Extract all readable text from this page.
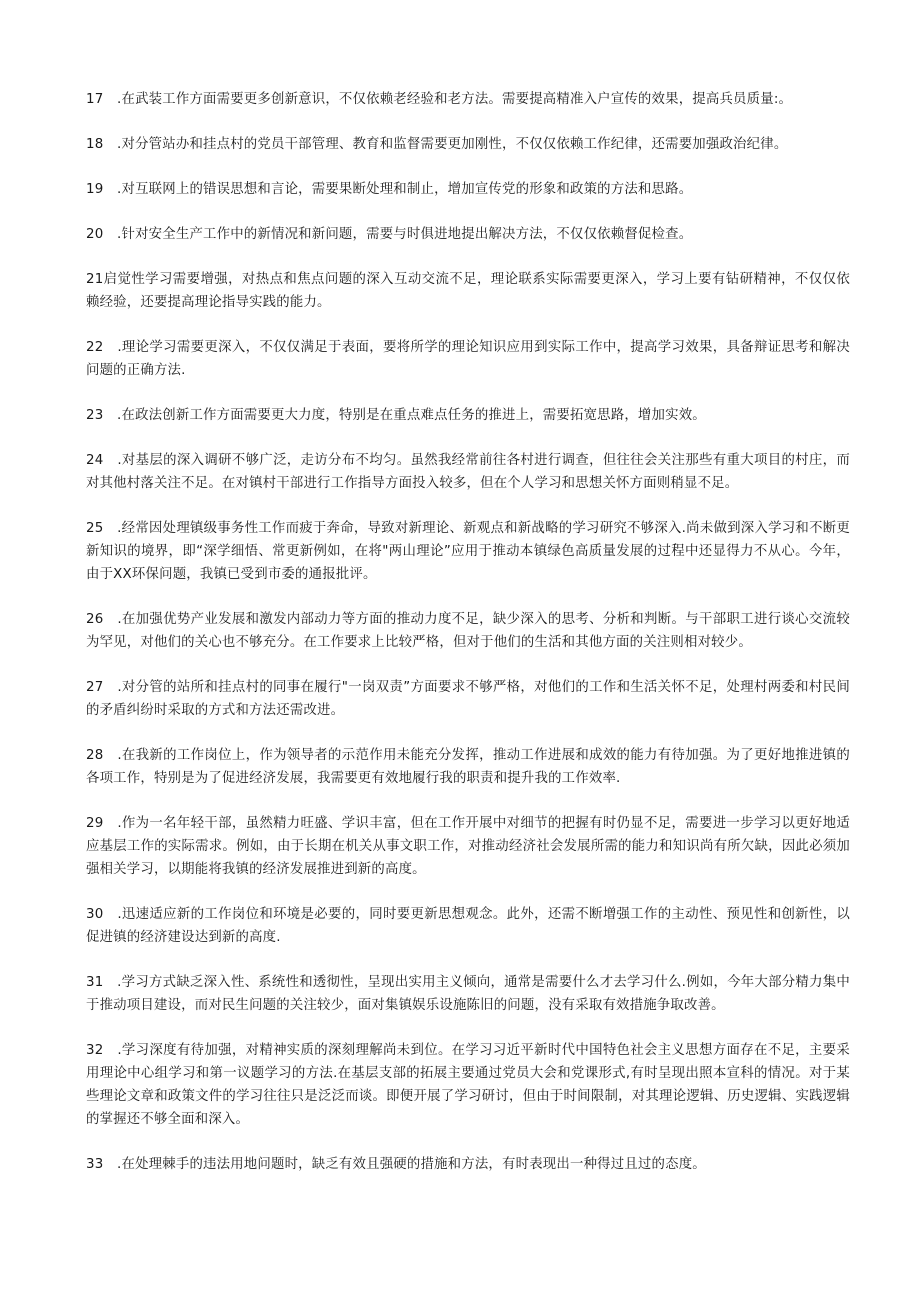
17　.在武装工作方面需要更多创新意识，不仅依赖老经验和老方法。需要提高精准入户宣传的效果，提高兵员质量:。

18　.对分管站办和挂点村的党员干部管理、教育和监督需要更加刚性，不仅仅依赖工作纪律，还需要加强政治纪律。

19　.对互联网上的错误思想和言论，需要果断处理和制止，增加宣传党的形象和政策的方法和思路。

20　.针对安全生产工作中的新情况和新问题，需要与时俱进地提出解决方法，不仅仅依赖督促检查。

21启觉性学习需要增强，对热点和焦点问题的深入互动交流不足，理论联系实际需要更深入，学习上要有钻研精神，不仅仅依赖经验，还要提高理论指导实践的能力。

22　.理论学习需要更深入，不仅仅满足于表面，要将所学的理论知识应用到实际工作中，提高学习效果，具备辩证思考和解决问题的正确方法.

23　.在政法创新工作方面需要更大力度，特别是在重点难点任务的推进上，需要拓宽思路，增加实效。

24　.对基层的深入调研不够广泛，走访分布不均匀。虽然我经常前往各村进行调查，但往往会关注那些有重大项目的村庄，而对其他村落关注不足。在对镇村干部进行工作指导方面投入较多，但在个人学习和思想关怀方面则稍显不足。

25　.经常因处理镇级事务性工作而疲于奔命，导致对新理论、新观点和新战略的学习研究不够深入.尚未做到深入学习和不断更新知识的境界，即“深学细悟、常更新例如，在将"两山理论”应用于推动本镇绿色高质量发展的过程中还显得力不从心。今年，由于XX环保问题，我镇已受到市委的通报批评。

26　.在加强优势产业发展和激发内部动力等方面的推动力度不足，缺少深入的思考、分析和判断。与干部职工进行谈心交流较为罕见，对他们的关心也不够充分。在工作要求上比较严格，但对于他们的生活和其他方面的关注则相对较少。

27　.对分管的站所和挂点村的同事在履行"一岗双责”方面要求不够严格，对他们的工作和生活关怀不足，处理村两委和村民间的矛盾纠纷时采取的方式和方法还需改进。

28　.在我新的工作岗位上，作为领导者的示范作用未能充分发挥，推动工作进展和成效的能力有待加强。为了更好地推进镇的各项工作，特别是为了促进经济发展，我需要更有效地履行我的职责和提升我的工作效率.

29　.作为一名年轻干部，虽然精力旺盛、学识丰富，但在工作开展中对细节的把握有时仍显不足，需要进一步学习以更好地适应基层工作的实际需求。例如，由于长期在机关从事文职工作，对推动经济社会发展所需的能力和知识尚有所欠缺，因此必须加强相关学习，以期能将我镇的经济发展推进到新的高度。

30　.迅速适应新的工作岗位和环境是必要的，同时要更新思想观念。此外，还需不断增强工作的主动性、预见性和创新性，以促进镇的经济建设达到新的高度.

31　.学习方式缺乏深入性、系统性和透彻性，呈现出实用主义倾向，通常是需要什么才去学习什么.例如，今年大部分精力集中于推动项目建设，而对民生问题的关注较少，面对集镇娱乐设施陈旧的问题，没有采取有效措施争取改善。

32　.学习深度有待加强，对精神实质的深刻理解尚未到位。在学习习近平新时代中国特色社会主义思想方面存在不足，主要采用理论中心组学习和第一议题学习的方法.在基层支部的拓展主要通过党员大会和党课形式,有时呈现出照本宣科的情况。对于某些理论文章和政策文件的学习往往只是泛泛而谈。即便开展了学习研讨，但由于时间限制，对其理论逻辑、历史逻辑、实践逻辑的掌握还不够全面和深入。

33　.在处理棘手的违法用地问题时，缺乏有效且强硬的措施和方法，有时表现出一种得过且过的态度。
